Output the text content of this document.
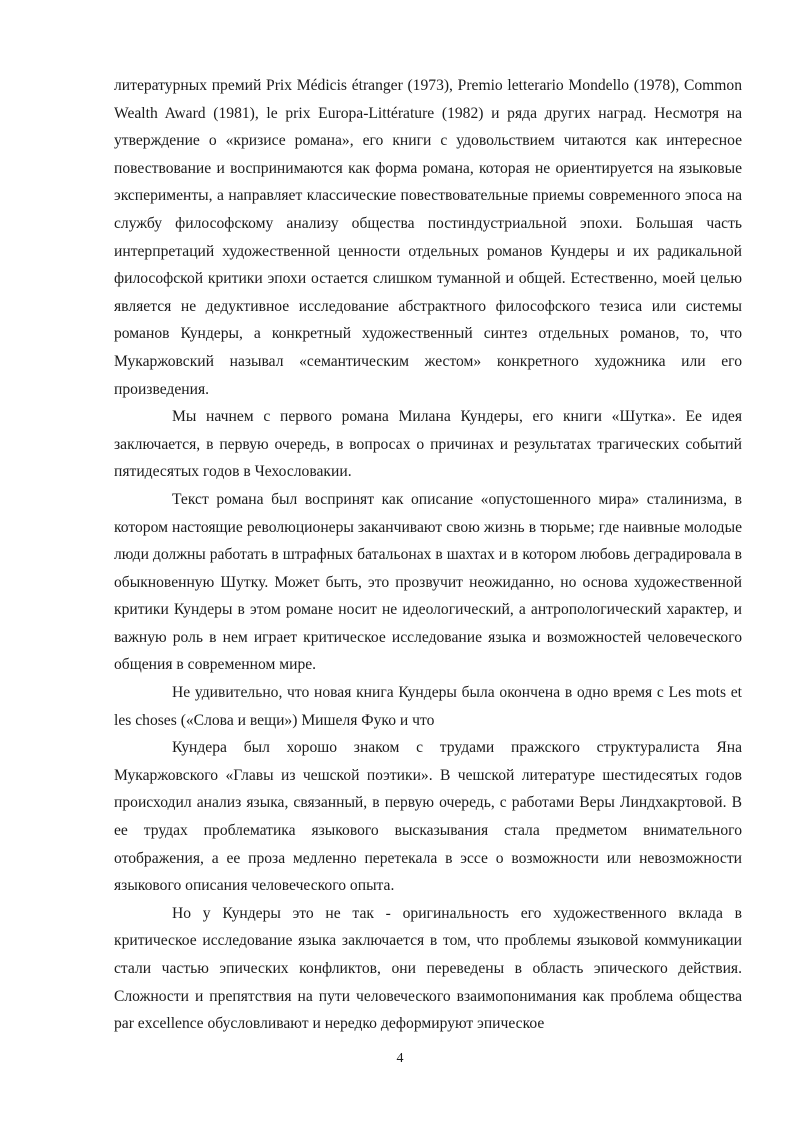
литературных премий Prix Médicis étranger (1973), Premio letterario Mondello (1978), Common Wealth Award (1981), le prix Europa-Littérature (1982) и ряда других наград. Несмотря на утверждение о «кризисе романа», его книги с удовольствием читаются как интересное повествование и воспринимаются как форма романа, которая не ориентируется на языковые эксперименты, а направляет классические повествовательные приемы современного эпоса на службу философскому анализу общества постиндустриальной эпохи. Большая часть интерпретаций художественной ценности отдельных романов Кундеры и их радикальной философской критики эпохи остается слишком туманной и общей. Естественно, моей целью является не дедуктивное исследование абстрактного философского тезиса или системы романов Кундеры, а конкретный художественный синтез отдельных романов, то, что Мукаржовский называл «семантическим жестом» конкретного художника или его произведения.

Мы начнем с первого романа Милана Кундеры, его книги «Шутка». Ее идея заключается, в первую очередь, в вопросах о причинах и результатах трагических событий пятидесятых годов в Чехословакии.

Текст романа был воспринят как описание «опустошенного мира» сталинизма, в котором настоящие революционеры заканчивают свою жизнь в тюрьме; где наивные молодые люди должны работать в штрафных батальонах в шахтах и в котором любовь деградировала в обыкновенную Шутку. Может быть, это прозвучит неожиданно, но основа художественной критики Кундеры в этом романе носит не идеологический, а антропологический характер, и важную роль в нем играет критическое исследование языка и возможностей человеческого общения в современном мире.

Не удивительно, что новая книга Кундеры была окончена в одно время с Les mots et les choses («Слова и вещи») Мишеля Фуко и что

Кундера был хорошо знаком с трудами пражского структуралиста Яна Мукаржовского «Главы из чешской поэтики». В чешской литературе шестидесятых годов происходил анализ языка, связанный, в первую очередь, с работами Веры Линдхакртовой. В ее трудах проблематика языкового высказывания стала предметом внимательного отображения, а ее проза медленно перетекала в эссе о возможности или невозможности языкового описания человеческого опыта.

Но у Кундеры это не так - оригинальность его художественного вклада в критическое исследование языка заключается в том, что проблемы языковой коммуникации стали частью эпических конфликтов, они переведены в область эпического действия. Сложности и препятствия на пути человеческого взаимопонимания как проблема общества par excellence обусловливают и нередко деформируют эпическое

4
